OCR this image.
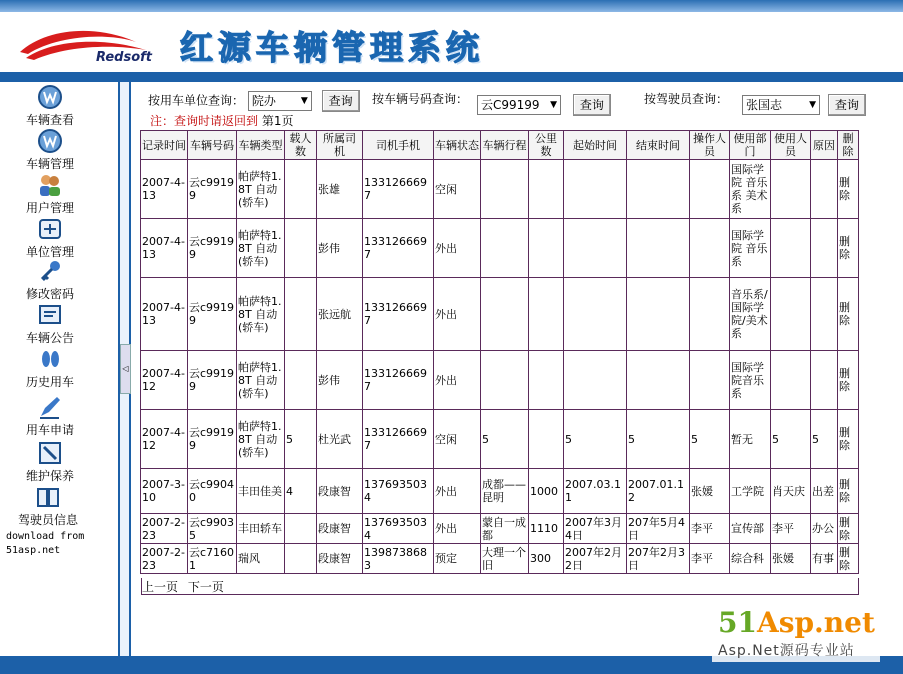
Redsoft 红源车辆管理系统
车辆查看
车辆管理
用户管理
单位管理
修改密码
车辆公告
历史用车
用车申请
维护保养
驾驶员信息
download from
51asp.net
◁
按用车单位查询： 院办	▼ 查询	按车辆号码查询：	云C99199 ▼ 查询	按驾驶员查询：	张国志	▼ 查询
注：查询时请返回到 第1页
记录时间	车辆号码	车辆类型	载人数	所属司机	司机手机	车辆状态	车辆行程	公里数	起始时间	结束时间	操作人员	使用部门	使用人员	原因	删除
2007-4-13	云c99199	帕萨特1.8T 自动(轿车)		张雄	1331266697	空闲						国际学院 音乐系 美术系			删除
2007-4-13	云c99199	帕萨特1.8T 自动(轿车)		彭伟	1331266697	外出						国际学院 音乐系			删除
2007-4-13	云c99199	帕萨特1.8T 自动(轿车)		张远航	1331266697	外出						音乐系/国际学院/美术系			删除
2007-4-12	云c99199	帕萨特1.8T 自动(轿车)		彭伟	1331266697	外出						国际学院音乐系			删除
2007-4-12	云c99199	帕萨特1.8T 自动(轿车)	5	杜光武	1331266697	空闲	5		5	5	5	暂无	5	5	删除
2007-3-10	云c99040	丰田佳美	4	段康智	1376935034	外出	成都——昆明	1000	2007.03.11	2007.01.12	张媛	工学院	肖天庆	出差	删除
2007-2-23	云c99035	丰田轿车		段康智	1376935034	外出	蒙自一成都	1110	2007年3月4日	207年5月4日	李平	宣传部	李平	办公	删除
2007-2-23	云c71601	瑞风		段康智	1398738683	预定	大理一个旧	300	2007年2月2日	207年2月3日	李平	综合科	张媛	有事	删除
上一页 下一页
51Asp.net
Asp.Net源码专业站
